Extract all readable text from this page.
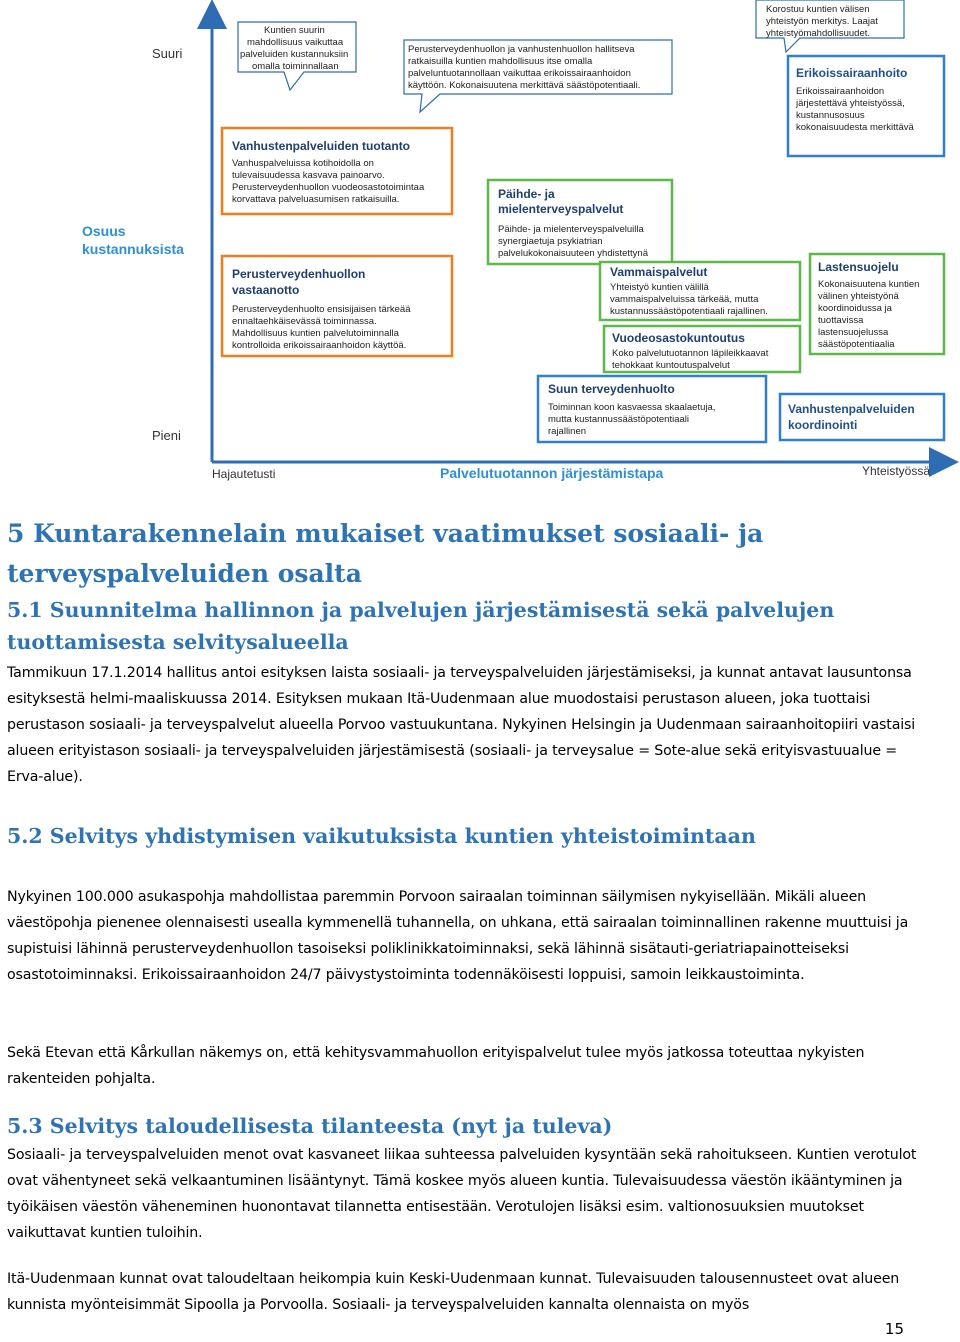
Suuri
Osuus kustannuksista
Pieni
Hajautetusti	Palvelutuotannon järjestämistapa	Yhteistyössä
Kuntien suurin mahdollisuus vaikuttaa palveluiden kustannuksiin omalla toiminnallaan
Perusterveydenhuollon ja vanhustenhuollon hallitseva ratkaisuilla kuntien mahdollisuus itse omalla palveluntuotannollaan vaikuttaa erikoissairaanhoidon käyttöön. Kokonaisuutena merkittävä säästöpotentiaali.
Korostuu kuntien välisen yhteistyön merkitys. Laajat yhteistyömahdollisuudet.
Vanhustenpalveluiden tuotanto
Vanhuspalveluissa kotihoidolla on tulevaisuudessa kasvava painoarvo. Perusterveydenhuollon vuodeosastotoimintaa korvattava palveluasumisen ratkaisuilla.
Perusterveydenhuollon vastaanotto
Perusterveydenhuolto ensisijaisen tärkeää ennaltaehkäisevässä toiminnassa. Mahdollisuus kuntien palvelutoiminnalla kontrolloida erikoissairaanhoidon käyttöä.
Erikoissairaanhoito
Erikoissairaanhoidon järjestettävä yhteistyössä, kustannusosuus kokonaisuudesta merkittävä
Päihde- ja mielenterveyspalvelut
Päihde- ja mielenterveyspalveluilla synergiaetuja psykiatrian palvelukokonaisuuteen yhdistettynä
Vammaispalvelut
Yhteistyö kuntien välillä vammaispalveluissa tärkeää, mutta kustannussäästöpotentiaali rajallinen.
Lastensuojelu
Kokonaisuutena kuntien välinen yhteistyönä koordinoidussa ja tuottavissa lastensuojelussa säästöpotentiaalia
Vuodeosastokuntoutus
Koko palvelutuotannon läpileikkaavat tehokkaat kuntoutuspalvelut
Suun terveydenhuolto
Toiminnan koon kasvaessa skaalaetuja, mutta kustannussäästöpotentiaali rajallinen
Vanhustenpalveluiden koordinointi
5 Kuntarakennelain mukaiset vaatimukset sosiaali- ja terveyspalveluiden osalta
5.1 Suunnitelma hallinnon ja palvelujen järjestämisestä sekä palvelujen tuottamisesta selvitysalueella

Tammikuun 17.1.2014 hallitus antoi esityksen laista sosiaali- ja terveyspalveluiden järjestämiseksi, ja kunnat antavat lausuntonsa esityksestä helmi-maaliskuussa 2014. Esityksen mukaan Itä-Uudenmaan alue muodostaisi perustason alueen, joka tuottaisi perustason sosiaali- ja terveyspalvelut alueella Porvoo vastuukuntana. Nykyinen Helsingin ja Uudenmaan sairaanhoitopiiri vastaisi alueen erityistason sosiaali- ja terveyspalveluiden järjestämisestä (sosiaali- ja terveysalue = Sote-alue sekä erityisvastuualue = Erva-alue).

5.2 Selvitys yhdistymisen vaikutuksista kuntien yhteistoimintaan

Nykyinen 100.000 asukaspohja mahdollistaa paremmin Porvoon sairaalan toiminnan säilymisen nykyisellään. Mikäli alueen väestöpohja pienenee olennaisesti usealla kymmenellä tuhannella, on uhkana, että sairaalan toiminnallinen rakenne muuttuisi ja supistuisi lähinnä perusterveydenhuollon tasoiseksi poliklinikkatoiminnaksi, sekä lähinnä sisätauti-geriatriapainotteiseksi osastotoiminnaksi. Erikoissairaanhoidon 24/7 päivystystoiminta todennäköisesti loppuisi, samoin leikkaustoiminta.

Sekä Etevan että Kårkullan näkemys on, että kehitysvammahuollon erityispalvelut tulee myös jatkossa toteuttaa nykyisten rakenteiden pohjalta.

5.3 Selvitys taloudellisesta tilanteesta (nyt ja tuleva)

Sosiaali- ja terveyspalveluiden menot ovat kasvaneet liikaa suhteessa palveluiden kysyntään sekä rahoitukseen. Kuntien verotulot ovat vähentyneet sekä velkaantuminen lisääntynyt. Tämä koskee myös alueen kuntia. Tulevaisuudessa väestön ikääntyminen ja työikäisen väestön väheneminen huonontavat tilannetta entisestään. Verotulojen lisäksi esim. valtionosuuksien muutokset vaikuttavat kuntien tuloihin.

Itä-Uudenmaan kunnat ovat taloudeltaan heikompia kuin Keski-Uudenmaan kunnat. Tulevaisuuden talousennusteet ovat alueen kunnista myönteisimmät Sipoolla ja Porvoolla. Sosiaali- ja terveyspalveluiden kannalta olennaista on myös

15
